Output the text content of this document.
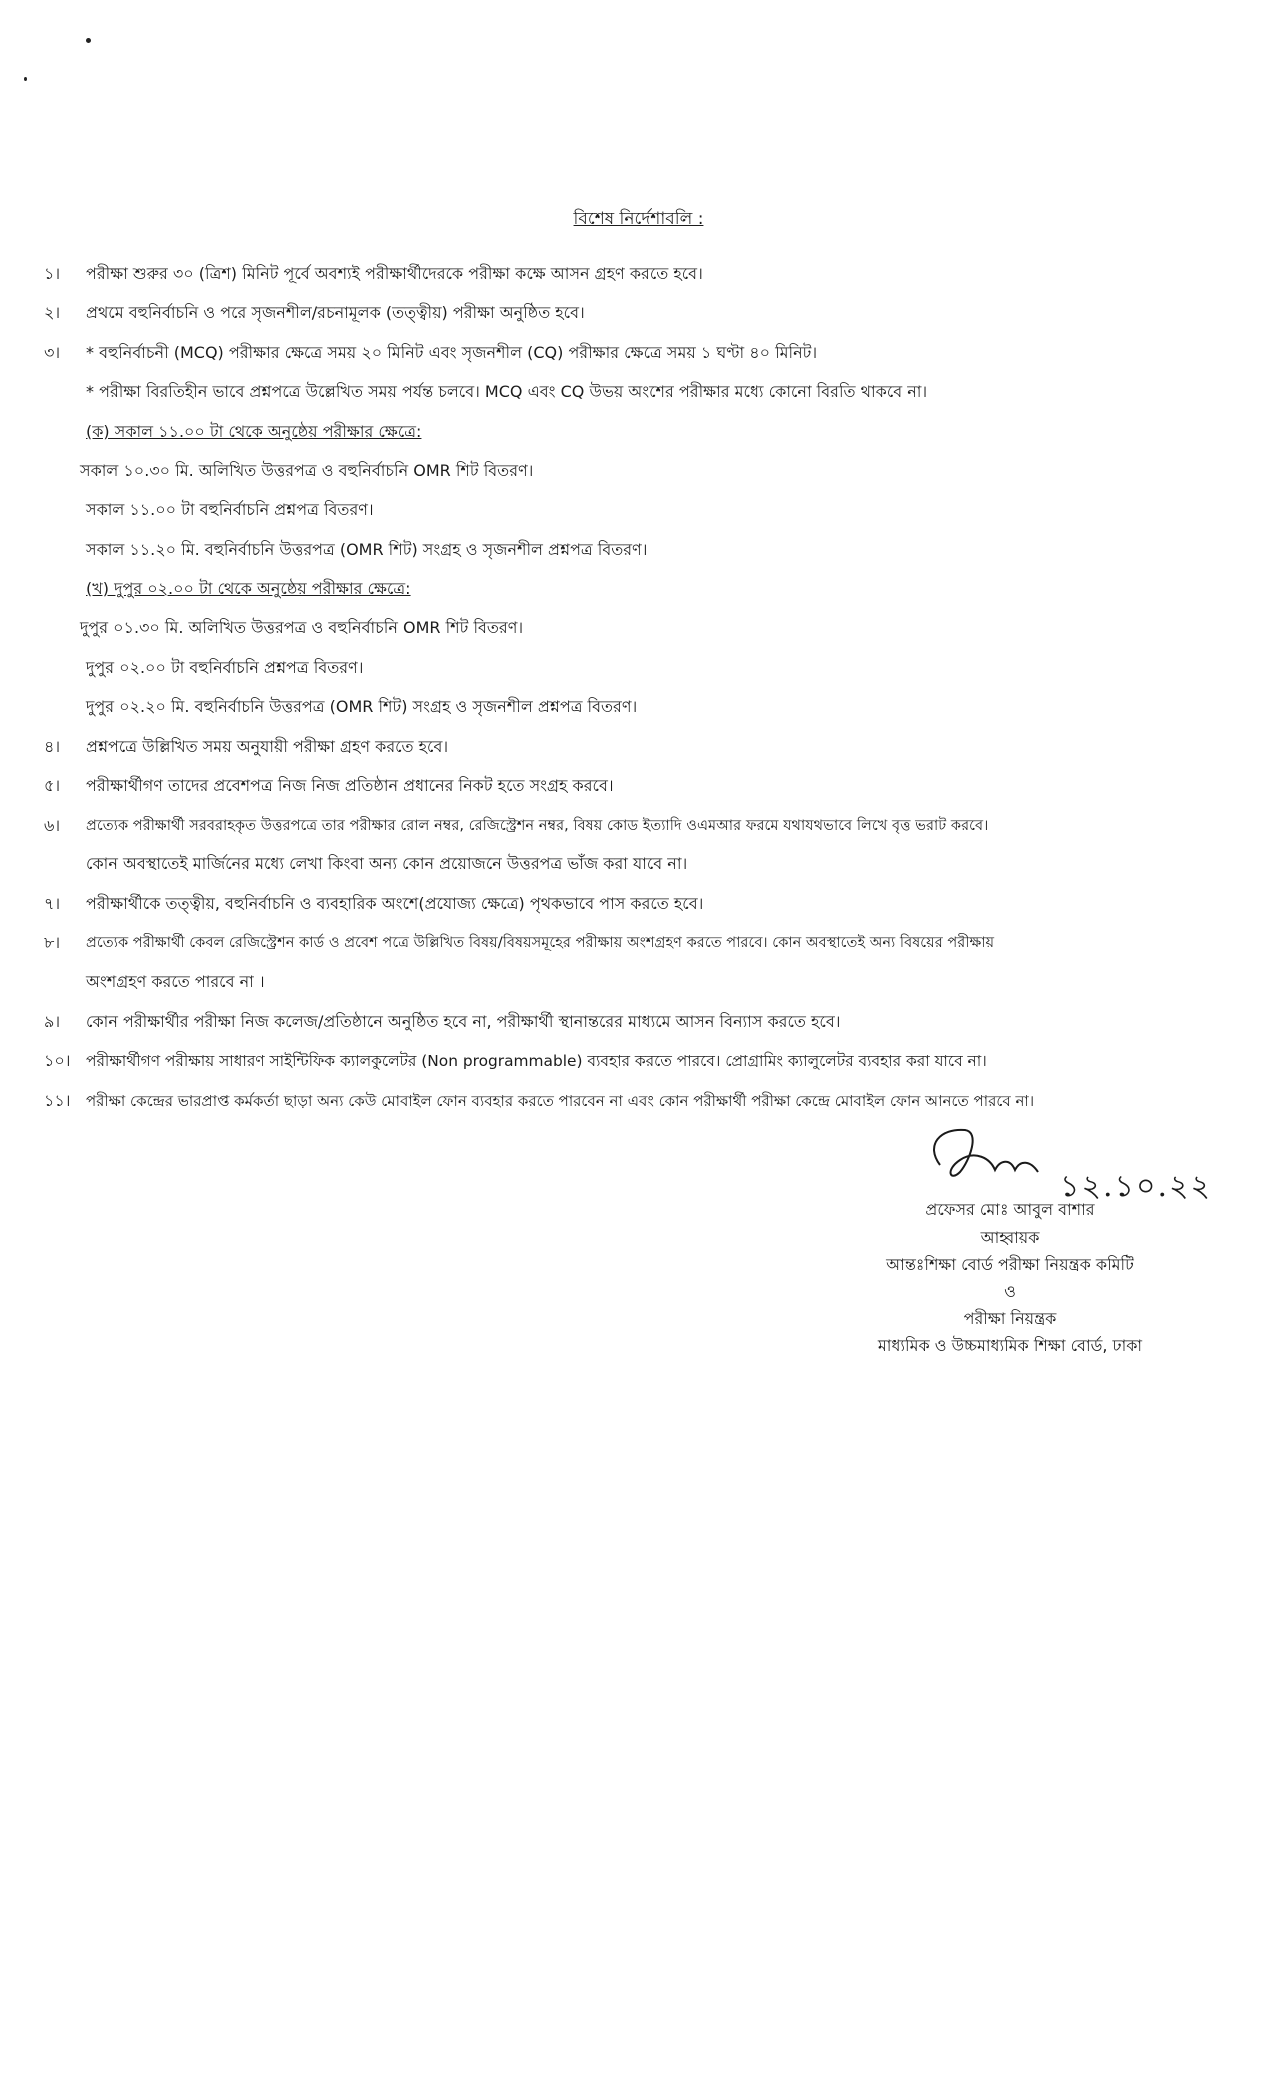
বিশেষ নির্দেশাবলি :
১।	পরীক্ষা শুরুর ৩০ (ত্রিশ) মিনিট পূর্বে অবশ্যই পরীক্ষার্থীদেরকে পরীক্ষা কক্ষে আসন গ্রহণ করতে হবে।
২।	প্রথমে বহুনির্বাচনি ও পরে সৃজনশীল/রচনামূলক (তত্ত্বীয়) পরীক্ষা অনুষ্ঠিত হবে।
৩।	* বহুনির্বাচনী (MCQ) পরীক্ষার ক্ষেত্রে সময় ২০ মিনিট এবং সৃজনশীল (CQ) পরীক্ষার ক্ষেত্রে সময় ১ ঘণ্টা ৪০ মিনিট।
* পরীক্ষা বিরতিহীন ভাবে প্রশ্নপত্রে উল্লেখিত সময় পর্যন্ত চলবে। MCQ এবং CQ উভয় অংশের পরীক্ষার মধ্যে কোনো বিরতি থাকবে না।
(ক) সকাল ১১.০০ টা থেকে অনুষ্ঠেয় পরীক্ষার ক্ষেত্রে:
সকাল ১০.৩০ মি. অলিখিত উত্তরপত্র ও বহুনির্বাচনি OMR শিট বিতরণ।
সকাল ১১.০০ টা বহুনির্বাচনি প্রশ্নপত্র বিতরণ।
সকাল ১১.২০ মি. বহুনির্বাচনি উত্তরপত্র (OMR শিট) সংগ্রহ ও সৃজনশীল প্রশ্নপত্র বিতরণ।
(খ) দুপুর ০২.০০ টা থেকে অনুষ্ঠেয় পরীক্ষার ক্ষেত্রে:
দুপুর ০১.৩০ মি. অলিখিত উত্তরপত্র ও বহুনির্বাচনি OMR শিট বিতরণ।
দুপুর ০২.০০ টা বহুনির্বাচনি প্রশ্নপত্র বিতরণ।
দুপুর ০২.২০ মি. বহুনির্বাচনি উত্তরপত্র (OMR শিট) সংগ্রহ ও সৃজনশীল প্রশ্নপত্র বিতরণ।
৪।	প্রশ্নপত্রে উল্লিখিত সময় অনুযায়ী পরীক্ষা গ্রহণ করতে হবে।
৫।	পরীক্ষার্থীগণ তাদের প্রবেশপত্র নিজ নিজ প্রতিষ্ঠান প্রধানের নিকট হতে সংগ্রহ করবে।
৬।	প্রত্যেক পরীক্ষার্থী সরবরাহকৃত উত্তরপত্রে তার পরীক্ষার রোল নম্বর, রেজিস্ট্রেশন নম্বর, বিষয় কোড ইত্যাদি ওএমআর ফরমে যথাযথভাবে লিখে বৃত্ত ভরাট করবে।
কোন অবস্থাতেই মার্জিনের মধ্যে লেখা কিংবা অন্য কোন প্রয়োজনে উত্তরপত্র ভাঁজ করা যাবে না।
৭।	পরীক্ষার্থীকে তত্ত্বীয়, বহুনির্বাচনি ও ব্যবহারিক অংশে(প্রযোজ্য ক্ষেত্রে) পৃথকভাবে পাস করতে হবে।
৮।	প্রত্যেক পরীক্ষার্থী কেবল রেজিস্ট্রেশন কার্ড ও প্রবেশ পত্রে উল্লিখিত বিষয়/বিষয়সমূহের পরীক্ষায় অংশগ্রহণ করতে পারবে। কোন অবস্থাতেই অন্য বিষয়ের পরীক্ষায়
অংশগ্রহণ করতে পারবে না ।
৯।	কোন পরীক্ষার্থীর পরীক্ষা নিজ কলেজ/প্রতিষ্ঠানে অনুষ্ঠিত হবে না, পরীক্ষার্থী স্থানান্তরের মাধ্যমে আসন বিন্যাস করতে হবে।
১০।	পরীক্ষার্থীগণ পরীক্ষায় সাধারণ সাইন্টিফিক ক্যালকুলেটর (Non programmable) ব্যবহার করতে পারবে। প্রোগ্রামিং ক্যালুলেটর ব্যবহার করা যাবে না।
১১।	পরীক্ষা কেন্দ্রের ভারপ্রাপ্ত কর্মকর্তা ছাড়া অন্য কেউ মোবাইল ফোন ব্যবহার করতে পারবেন না এবং কোন পরীক্ষার্থী পরীক্ষা কেন্দ্রে মোবাইল ফোন আনতে পারবে না।
১২.১০.২২
প্রফেসর মোঃ আবুল বাশার
আহ্বায়ক
আন্তঃশিক্ষা বোর্ড পরীক্ষা নিয়ন্ত্রক কমিটি
ও
পরীক্ষা নিয়ন্ত্রক
মাধ্যমিক ও উচ্চমাধ্যমিক শিক্ষা বোর্ড, ঢাকা
